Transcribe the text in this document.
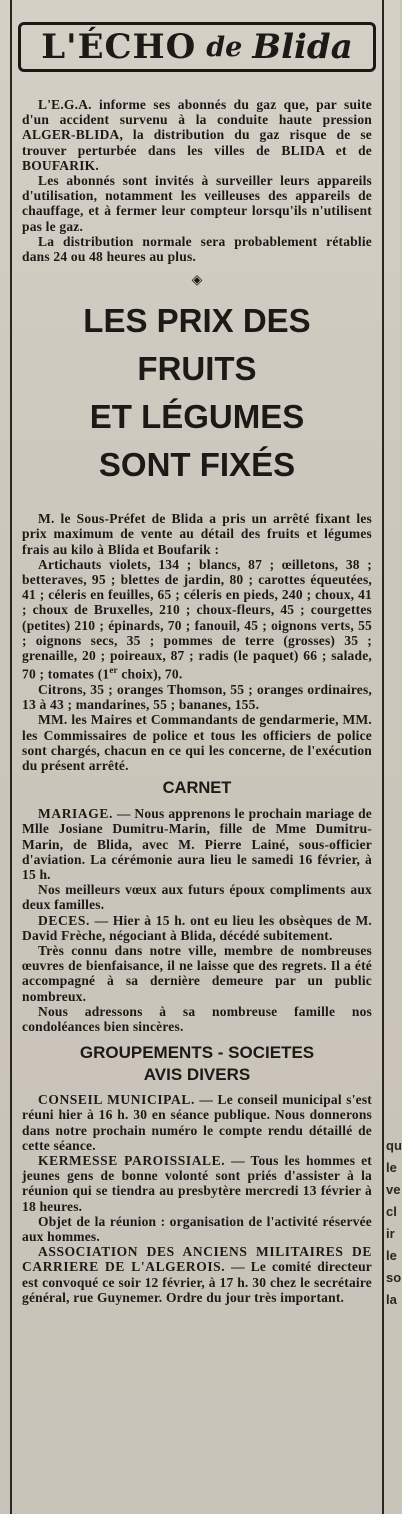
L'ÉCHO de Blida

L'E.G.A. informe ses abonnés du gaz que, par suite d'un accident survenu à la conduite haute pression ALGER-BLIDA, la distribution du gaz risque de se trouver perturbée dans les villes de BLIDA et de BOUFARIK.

Les abonnés sont invités à surveiller leurs appareils d'utilisation, notamment les veilleuses des appareils de chauffage, et à fermer leur compteur lorsqu'ils n'utilisent pas le gaz.

La distribution normale sera probablement rétablie dans 24 ou 48 heures au plus.

◈
LES PRIX DES FRUITS
ET LÉGUMES
SONT FIXÉS

M. le Sous-Préfet de Blida a pris un arrêté fixant les prix maximum de vente au détail des fruits et légumes frais au kilo à Blida et Boufarik :

Artichauts violets, 134 ; blancs, 87 ; œilletons, 38 ; betteraves, 95 ; blettes de jardin, 80 ; carottes équeutées, 41 ; céleris en feuilles, 65 ; céleris en pieds, 240 ; choux, 41 ; choux de Bruxelles, 210 ; choux-fleurs, 45 ; courgettes (petites) 210 ; épinards, 70 ; fanouil, 45 ; oignons verts, 55 ; oignons secs, 35 ; pommes de terre (grosses) 35 ; grenaille, 20 ; poireaux, 87 ; radis (le paquet) 66 ; salade, 70 ; tomates (1er choix), 70.

Citrons, 35 ; oranges Thomson, 55 ; oranges ordinaires, 13 à 43 ; mandarines, 55 ; bananes, 155.

MM. les Maires et Commandants de gendarmerie, MM. les Commissaires de police et tous les officiers de police sont chargés, chacun en ce qui les concerne, de l'exécution du présent arrêté.

CARNET

MARIAGE. — Nous apprenons le prochain mariage de Mlle Josiane Dumitru-Marin, fille de Mme Dumitru-Marin, de Blida, avec M. Pierre Lainé, sous-officier d'aviation. La cérémonie aura lieu le samedi 16 février, à 15 h.

Nos meilleurs vœux aux futurs époux compliments aux deux familles.

DECES. — Hier à 15 h. ont eu lieu les obsèques de M. David Frèche, négociant à Blida, décédé subitement.

Très connu dans notre ville, membre de nombreuses œuvres de bienfaisance, il ne laisse que des regrets. Il a été accompagné à sa dernière demeure par un public nombreux.

Nous adressons à sa nombreuse famille nos condoléances bien sincères.

GROUPEMENTS - SOCIETES
AVIS DIVERS

CONSEIL MUNICIPAL. — Le conseil municipal s'est réuni hier à 16 h. 30 en séance publique. Nous donnerons dans notre prochain numéro le compte rendu détaillé de cette séance.

KERMESSE PAROISSIALE. — Tous les hommes et jeunes gens de bonne volonté sont priés d'assister à la réunion qui se tiendra au presbytère mercredi 13 février à 18 heures.

Objet de la réunion : organisation de l'activité réservée aux hommes.

ASSOCIATION DES ANCIENS MILITAIRES DE CARRIERE DE L'ALGEROIS. — Le comité directeur est convoqué ce soir 12 février, à 17 h. 30 chez le secrétaire général, rue Guynemer. Ordre du jour très important.

qu
le
ve
cl
ir
le
so
la
